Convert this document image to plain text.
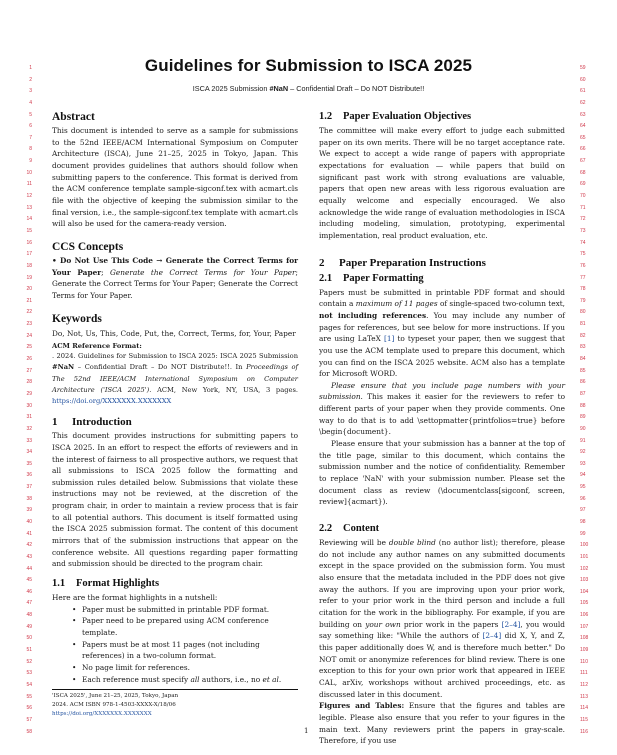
1
2
3
4
5
6
7
8
9
10
11
12
13
14
15
16
17
18
19
20
21
22
23
24
25
26
27
28
29
30
31
32
33
34
35
36
37
38
39
40
41
42
43
44
45
46
47
48
49
50
51
52
53
54
55
56
57
58
59
60
61
62
63
64
65
66
67
68
69
70
71
72
73
74
75
76
77
78
79
80
81
82
83
84
85
86
87
88
89
90
91
92
93
94
95
96
97
98
99
100
101
102
103
104
105
106
107
108
109
110
111
112
113
114
115
116
Guidelines for Submission to ISCA 2025
ISCA 2025 Submission #NaN – Confidential Draft – Do NOT Distribute!!
Abstract

This document is intended to serve as a sample for submissions to the 52nd IEEE/ACM International Symposium on Computer Architecture (ISCA), June 21–25, 2025 in Tokyo, Japan. This document provides guidelines that authors should follow when submitting papers to the conference. This format is derived from the ACM conference template sample-sigconf.tex with acmart.cls file with the objective of keeping the submission similar to the final version, i.e., the sample-sigconf.tex template with acmart.cls will also be used for the camera-ready version.

CCS Concepts

• Do Not Use This Code → Generate the Correct Terms for Your Paper; Generate the Correct Terms for Your Paper; Generate the Correct Terms for Your Paper; Generate the Correct Terms for Your Paper.

Keywords

Do, Not, Us, This, Code, Put, the, Correct, Terms, for, Your, Paper

ACM Reference Format:

. 2024. Guidelines for Submission to ISCA 2025: ISCA 2025 Submission #NaN – Confidential Draft – Do NOT Distribute!!. In Proceedings of The 52nd IEEE/ACM International Symposium on Computer Architecture ('ISCA 2025'). ACM, New York, NY, USA, 3 pages. https://doi.org/XXXXXXX.XXXXXXX

1 Introduction

This document provides instructions for submitting papers to ISCA 2025. In an effort to respect the efforts of reviewers and in the interest of fairness to all prospective authors, we request that all submissions to ISCA 2025 follow the formatting and submission rules detailed below. Submissions that violate these instructions may not be reviewed, at the discretion of the program chair, in order to maintain a review process that is fair to all potential authors. This document is itself formatted using the ISCA 2025 submission format. The content of this document mirrors that of the submission instructions that appear on the conference website. All questions regarding paper formatting and submission should be directed to the program chair.

1.1 Format Highlights

Here are the format highlights in a nutshell:

• Paper must be submitted in printable PDF format.
• Paper need to be prepared using ACM conference template.
• Papers must be at most 11 pages (not including references) in a two-column format.
• No page limit for references.
• Each reference must specify all authors, i.e., no et al.
'ISCA 2025', June 21–25, 2025, Tokyo, Japan
2024. ACM ISBN 978-1-4503-XXXX-X/18/06
https://doi.org/XXXXXXX.XXXXXXX
1.2 Paper Evaluation Objectives

The committee will make every effort to judge each submitted paper on its own merits. There will be no target acceptance rate. We expect to accept a wide range of papers with appropriate expectations for evaluation — while papers that build on significant past work with strong evaluations are valuable, papers that open new areas with less rigorous evaluation are equally welcome and especially encouraged. We also acknowledge the wide range of evaluation methodologies in ISCA including modeling, simulation, prototyping, experimental implementation, real product evaluation, etc.

2 Paper Preparation Instructions
2.1 Paper Formatting

Papers must be submitted in printable PDF format and should contain a maximum of 11 pages of single-spaced two-column text, not including references. You may include any number of pages for references, but see below for more instructions. If you are using LaTeX [1] to typeset your paper, then we suggest that you use the ACM template used to prepare this document, which you can find on the ISCA 2025 website. ACM also has a template for Microsoft WORD.

Please ensure that you include page numbers with your submission. This makes it easier for the reviewers to refer to different parts of your paper when they provide comments. One way to do that is to add \settopmatter{printfolios=true} before \begin{document}.

Please ensure that your submission has a banner at the top of the title page, similar to this document, which contains the submission number and the notice of confidentiality. Remember to replace 'NaN' with your submission number. Please set the document class as review (\documentclass[sigconf, screen, review]{acmart}).

2.2 Content

Reviewing will be double blind (no author list); therefore, please do not include any author names on any submitted documents except in the space provided on the submission form. You must also ensure that the metadata included in the PDF does not give away the authors. If you are improving upon your prior work, refer to your prior work in the third person and include a full citation for the work in the bibliography. For example, if you are building on your own prior work in the papers [2–4], you would say something like: "While the authors of [2–4] did X, Y, and Z, this paper additionally does W, and is therefore much better." Do NOT omit or anonymize references for blind review. There is one exception to this for your own prior work that appeared in IEEE CAL, arXiv, workshops without archived proceedings, etc. as discussed later in this document.

Figures and Tables: Ensure that the figures and tables are legible. Please also ensure that you refer to your figures in the main text. Many reviewers print the papers in gray-scale. Therefore, if you use

1
